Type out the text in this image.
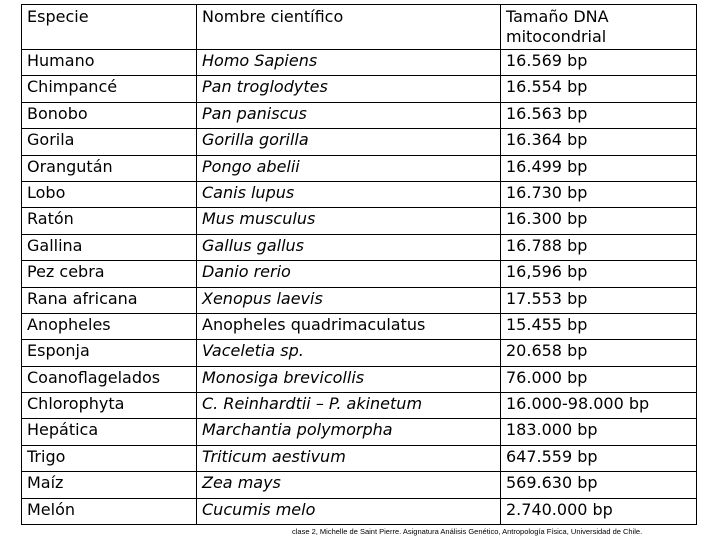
Especie	Nombre científico	Tamaño DNA mitocondrial
Humano	Homo Sapiens	16.569 bp
Chimpancé	Pan troglodytes	16.554 bp
Bonobo	Pan paniscus	16.563 bp
Gorila	Gorilla gorilla	16.364 bp
Orangután	Pongo abelii	16.499 bp
Lobo	Canis lupus	16.730 bp
Ratón	Mus musculus	16.300 bp
Gallina	Gallus gallus	16.788 bp
Pez cebra	Danio rerio	16,596 bp
Rana africana	Xenopus laevis	17.553 bp
Anopheles	Anopheles quadrimaculatus	15.455 bp
Esponja	Vaceletia sp.	20.658 bp
Coanoflagelados	Monosiga brevicollis	76.000 bp
Chlorophyta	C. Reinhardtii – P. akinetum	16.000-98.000 bp
Hepática	Marchantia polymorpha	183.000 bp
Trigo	Triticum aestivum	647.559 bp
Maíz	Zea mays	569.630 bp
Melón	Cucumis melo	2.740.000 bp
clase 2, Michelle de Saint Pierre. Asignatura Análisis Genético, Antropología Física, Universidad de Chile.
